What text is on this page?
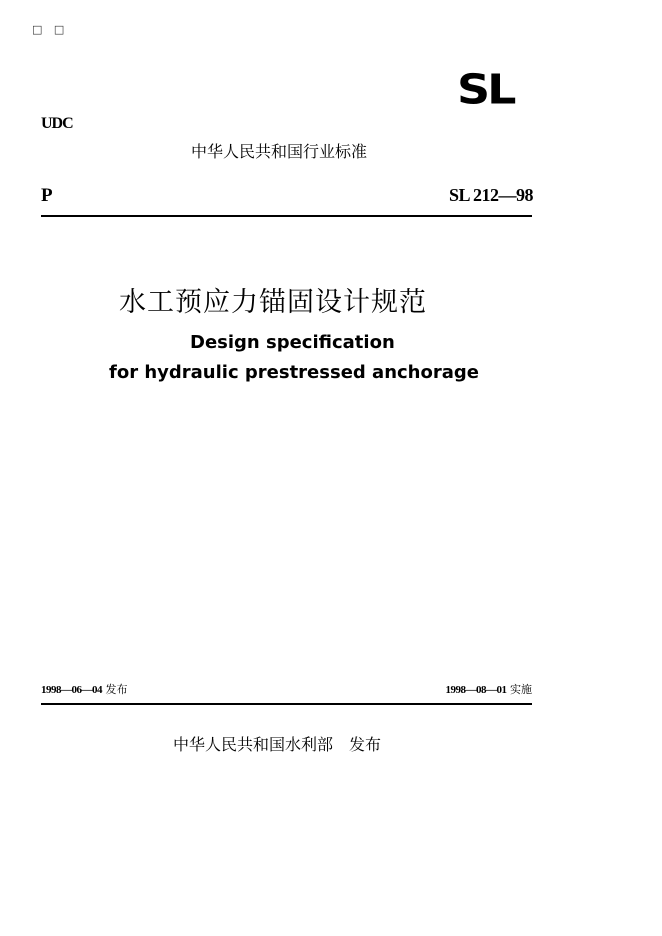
□ □
SL
UDC
中华人民共和国行业标准
P	SL 212—98
水工预应力锚固设计规范
Design specification
for hydraulic prestressed anchorage
1998—06—04 发布	1998—08—01 实施
中华人民共和国水利部　发布
